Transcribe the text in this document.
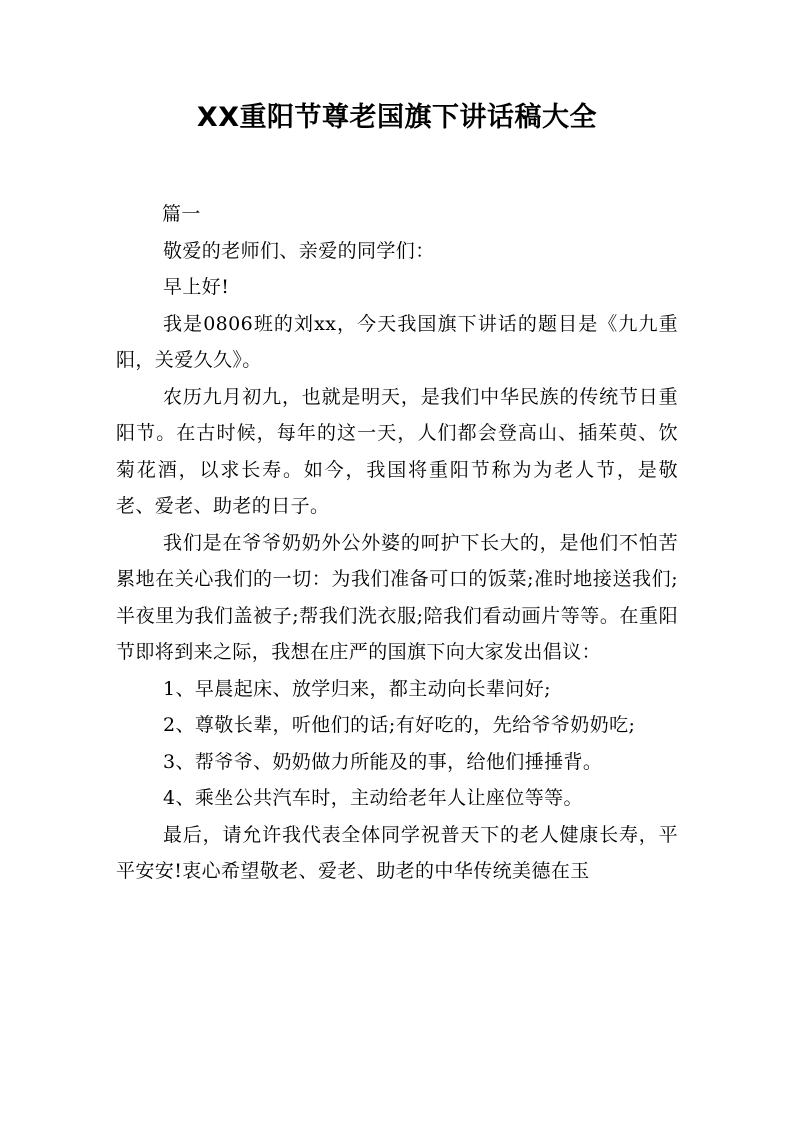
XX重阳节尊老国旗下讲话稿大全

篇一

敬爱的老师们、亲爱的同学们：

早上好!

我是0806班的刘xx，今天我国旗下讲话的题目是《九九重阳，关爱久久》。

农历九月初九，也就是明天，是我们中华民族的传统节日重阳节。在古时候，每年的这一天，人们都会登高山、插茱萸、饮菊花酒，以求长寿。如今，我国将重阳节称为为老人节，是敬老、爱老、助老的日子。

我们是在爷爷奶奶外公外婆的呵护下长大的，是他们不怕苦累地在关心我们的一切：为我们准备可口的饭菜;准时地接送我们;半夜里为我们盖被子;帮我们洗衣服;陪我们看动画片等等。在重阳节即将到来之际，我想在庄严的国旗下向大家发出倡议：

1、早晨起床、放学归来，都主动向长辈问好;

2、尊敬长辈，听他们的话;有好吃的，先给爷爷奶奶吃;

3、帮爷爷、奶奶做力所能及的事，给他们捶捶背。

4、乘坐公共汽车时，主动给老年人让座位等等。

最后，请允许我代表全体同学祝普天下的老人健康长寿，平平安安!衷心希望敬老、爱老、助老的中华传统美德在玉
